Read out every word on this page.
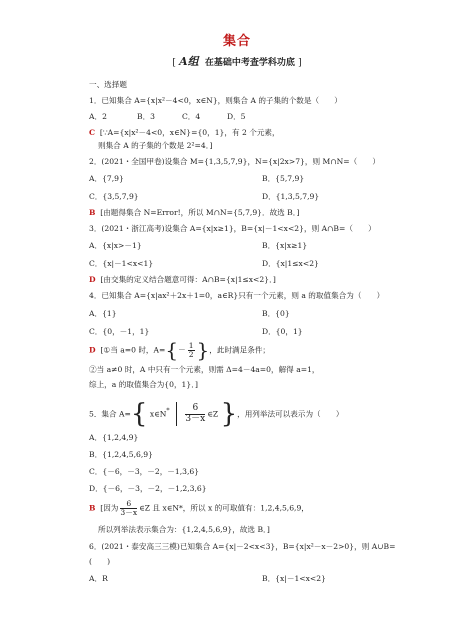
集合
[ A组 在基础中考查学科功底 ]
一、选择题
1．已知集合 A={x|x²－4<0，x∈N}，则集合 A 的子集的个数是（　　）
A．2	B．3	C．4	D．5
C [∵A={x|x²－4<0，x∈N}={0，1}，有 2 个元素，
则集合 A 的子集的个数是 2²=4．]
2．(2021・全国甲卷)设集合 M={1,3,5,7,9}，N={x|2x>7}，则 M∩N=（　　）
A．{7,9}	B．{5,7,9}
C．{3,5,7,9}	D．{1,3,5,7,9}
B [由题得集合 N=Error!，所以 M∩N={5,7,9}．故选 B．]
3．(2021・浙江高考)设集合 A={x|x≥1}，B={x|－1<x<2}，则 A∩B=（　　）
A．{x|x>－1}	B．{x|x≥1}
C．{x|－1<x<1}	D．{x|1≤x<2}
D [由交集的定义结合题意可得：A∩B={x|1≤x<2}．]
4．已知集合 A={x|ax²＋2x＋1=0，a∈R}只有一个元素，则 a 的取值集合为（　　）
A．{1}	B．{0}
C．{0，－1，1}	D．{0，1}
D [①当 a=0 时，$A=\{- \frac{1}{2}$ }，此时满足条件；
②当 a≠0 时，A 中只有一个元素，则需 Δ=4－4a=0，解得 a=1，
综上，a 的取值集合为{0，1}．]
5．集合 A={ x∈N* $\frac{6}{3-x}$ ∈Z }，用列举法可以表示为（　　）
A．{1,2,4,9}
B．{1,2,4,5,6,9}
C．{－6，－3，－2，－1,3,6}
D．{－6，－3，－2，－1,2,3,6}
B [因为 $\frac{6}{3-x}$ ∈Z 且 x∈N*，所以 x 的可取值有：1,2,4,5,6,9，
所以列举法表示集合为：{1,2,4,5,6,9}，故选 B．]
6．(2021・泰安高三三模)已知集合 A={x|－2<x<3}，B={x|x²－x－2>0}，则 A∪B=
(　　)
A．R	B．{x|－1<x<2}
